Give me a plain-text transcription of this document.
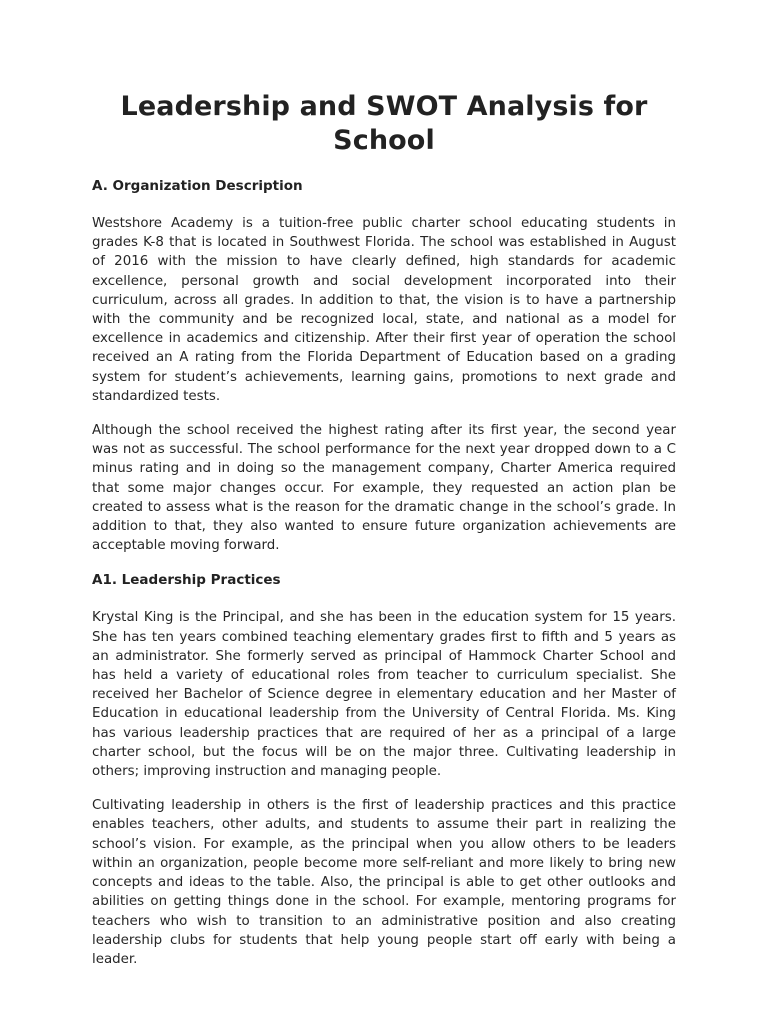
Leadership and SWOT Analysis for School
A. Organization Description

Westshore Academy is a tuition-free public charter school educating students in grades K-8 that is located in Southwest Florida. The school was established in August of 2016 with the mission to have clearly defined, high standards for academic excellence, personal growth and social development incorporated into their curriculum, across all grades. In addition to that, the vision is to have a partnership with the community and be recognized local, state, and national as a model for excellence in academics and citizenship. After their first year of operation the school received an A rating from the Florida Department of Education based on a grading system for student’s achievements, learning gains, promotions to next grade and standardized tests.

Although the school received the highest rating after its first year, the second year was not as successful. The school performance for the next year dropped down to a C minus rating and in doing so the management company, Charter America required that some major changes occur. For example, they requested an action plan be created to assess what is the reason for the dramatic change in the school’s grade. In addition to that, they also wanted to ensure future organization achievements are acceptable moving forward.

A1. Leadership Practices

Krystal King is the Principal, and she has been in the education system for 15 years. She has ten years combined teaching elementary grades first to fifth and 5 years as an administrator. She formerly served as principal of Hammock Charter School and has held a variety of educational roles from teacher to curriculum specialist. She received her Bachelor of Science degree in elementary education and her Master of Education in educational leadership from the University of Central Florida. Ms. King has various leadership practices that are required of her as a principal of a large charter school, but the focus will be on the major three. Cultivating leadership in others; improving instruction and managing people.

Cultivating leadership in others is the first of leadership practices and this practice enables teachers, other adults, and students to assume their part in realizing the school’s vision. For example, as the principal when you allow others to be leaders within an organization, people become more self-reliant and more likely to bring new concepts and ideas to the table. Also, the principal is able to get other outlooks and abilities on getting things done in the school. For example, mentoring programs for teachers who wish to transition to an administrative position and also creating leadership clubs for students that help young people start off early with being a leader.
